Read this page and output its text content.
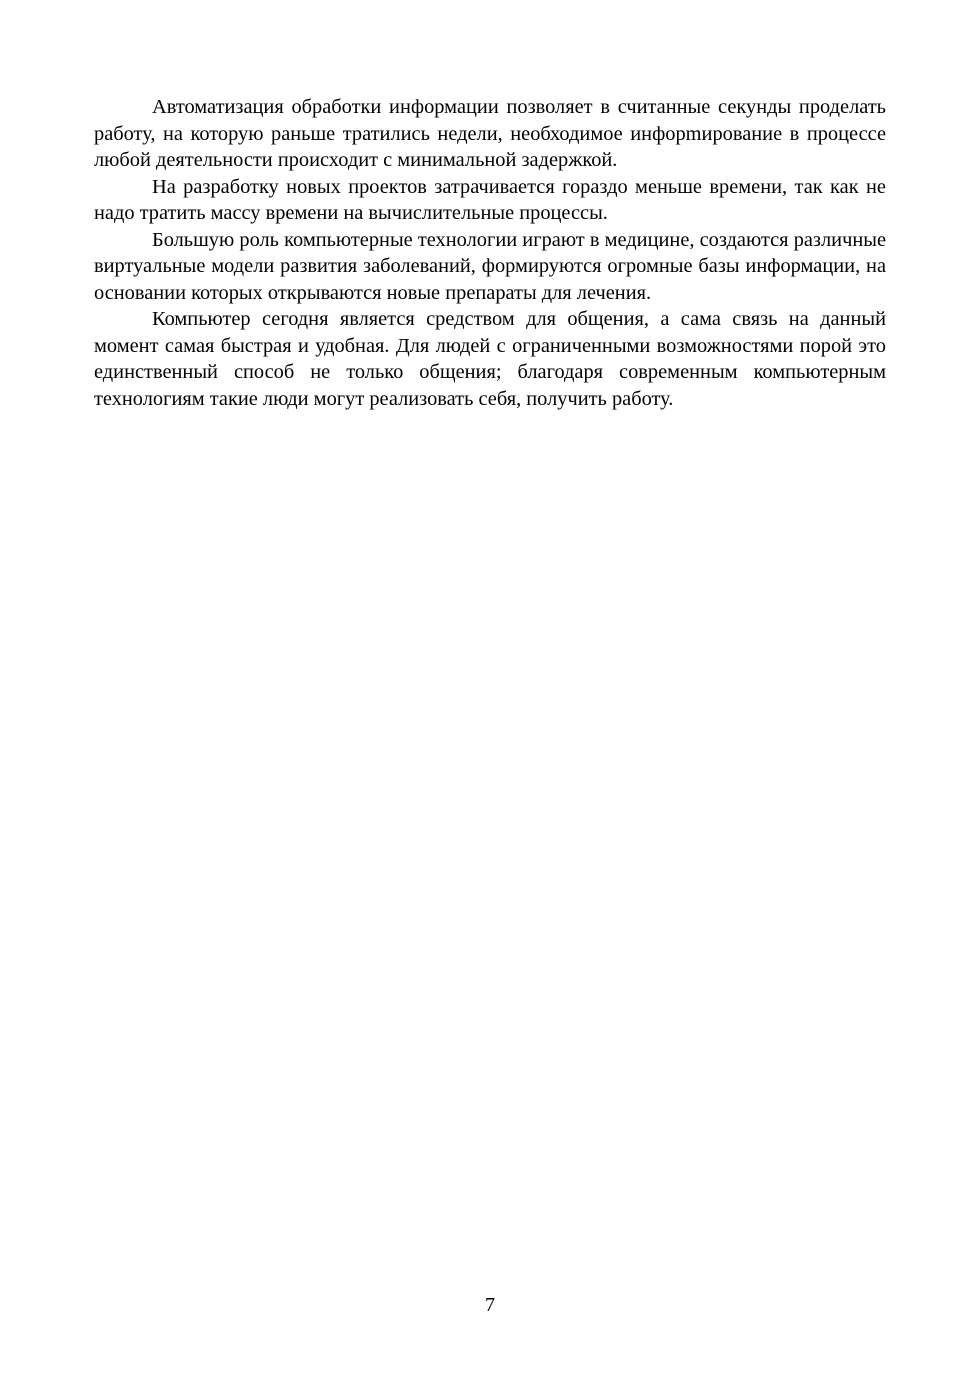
Автоматизация обработки информации позволяет в считанные секунды проделать работу, на которую раньше тратились недели, необходимое инфорmирование в процессе любой деятельности происходит с минимальной задержкой.

На разработку новых проектов затрачивается гораздо меньше времени, так как не надо тратить массу времени на вычислительные процессы.

Большую роль компьютерные технологии играют в медицине, создаются различные виртуальные модели развития заболеваний, формируются огромные базы информации, на основании которых открываются новые препараты для лечения.

Компьютер сегодня является средством для общения, а сама связь на данный момент самая быстрая и удобная. Для людей с ограниченными возможностями порой это единственный способ не только общения; благодаря современным компьютерным технологиям такие люди могут реализовать себя, получить работу.

7
